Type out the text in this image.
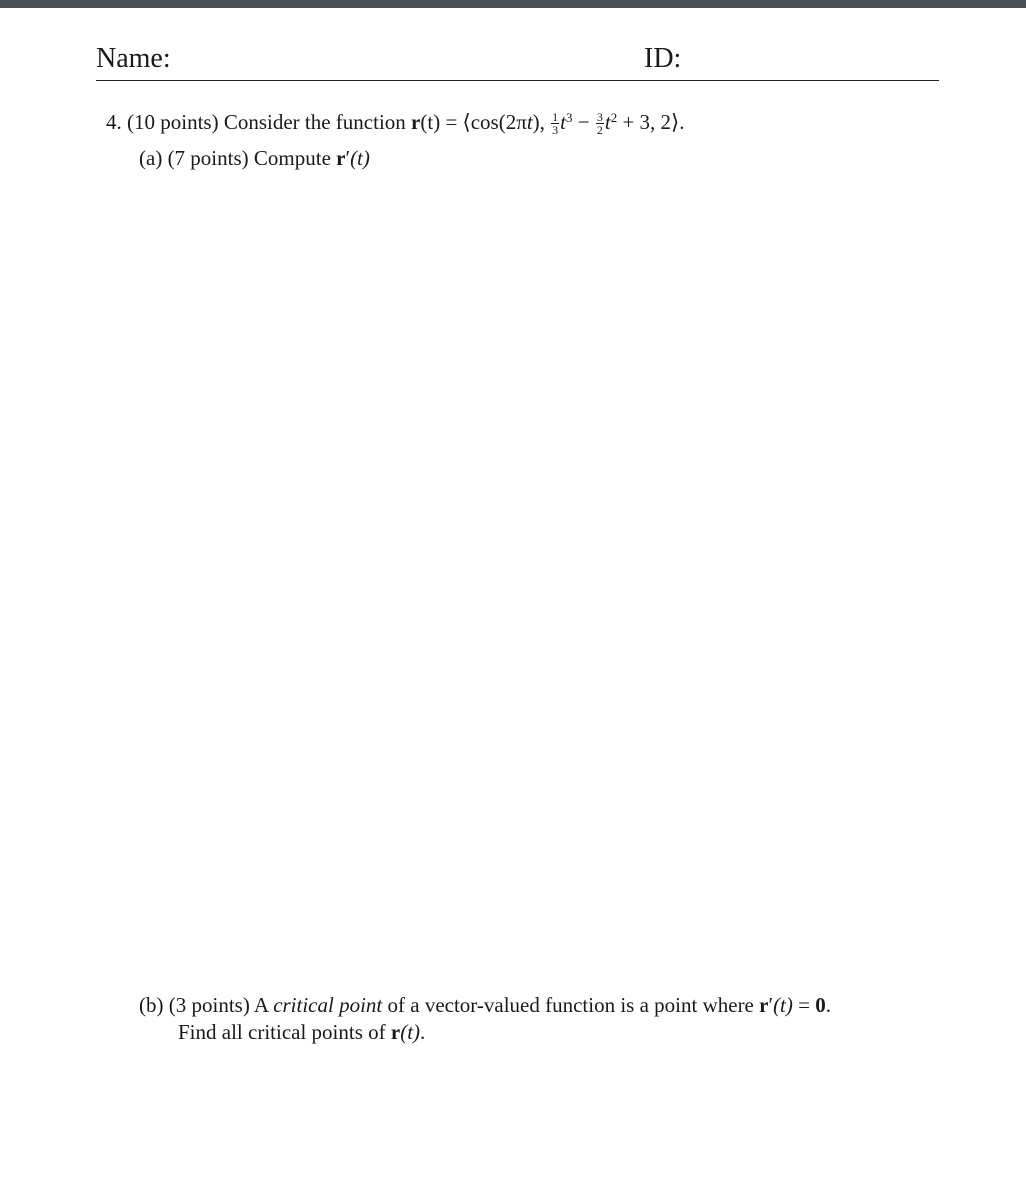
Name:	ID:
4. (10 points) Consider the function r(t) = ⟨cos(2πt), $\frac{1}{3} t^3 - \frac{3}{2} t^2 + 3$, 2⟩.
(a) (7 points) Compute r′(t)
(b) (3 points) A critical point of a vector-valued function is a point where r′(t) = 0.
Find all critical points of r(t).
